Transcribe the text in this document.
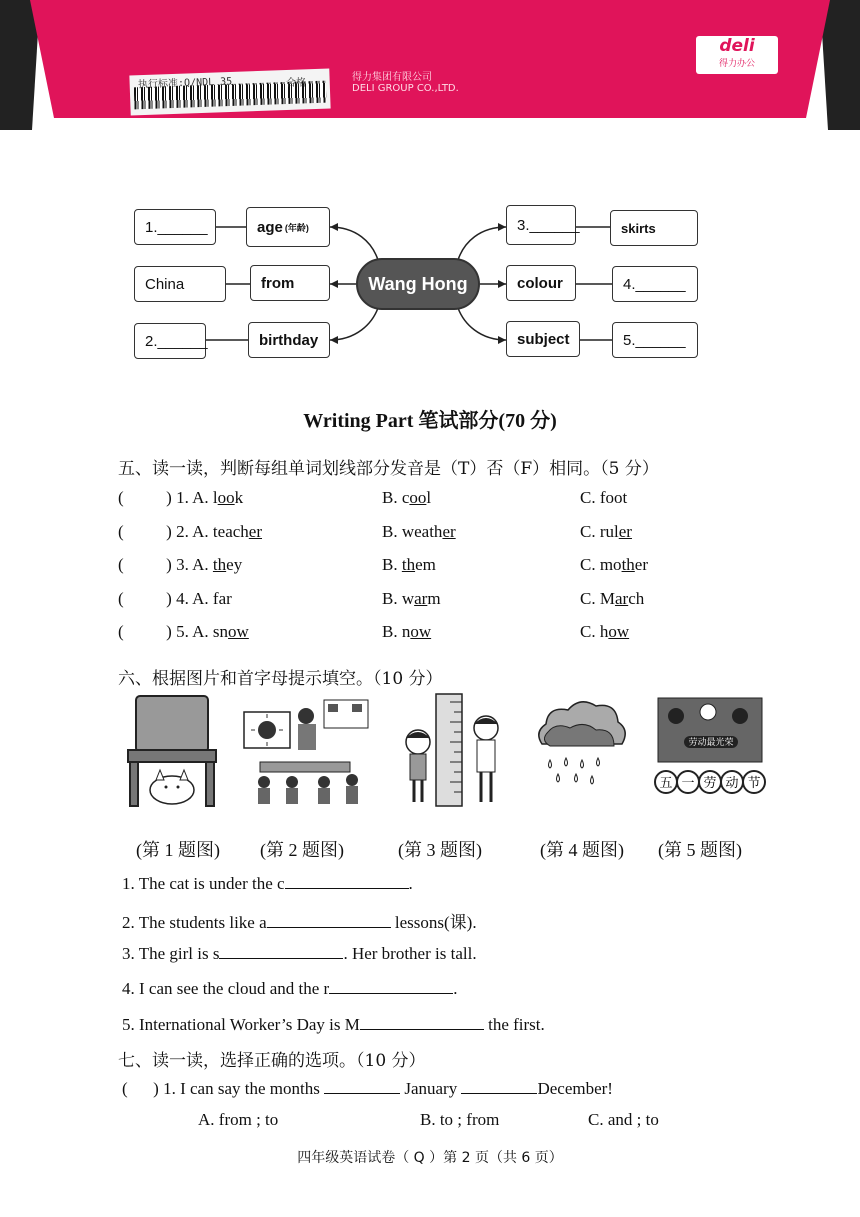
执行标准:Q/NDL 35	合格
得力集团有限公司
DELI GROUP CO.,LTD.
deli
得力办公
1.______	age (年龄)
China	from
2.______	birthday
Wang Hong
3.______	skirts
colour	4.______
subject	5.______
Writing Part 笔试部分(70 分)
五、读一读，判断每组单词划线部分发音是（T）否（F）相同。（5 分）
(          ) 1. A. look	B. cool	C. foot
(          ) 2. A. teacher	B. weather	C. ruler
(          ) 3. A. they	B. them	C. mother
(          ) 4. A. far	B. warm	C. March
(          ) 5. A. snow	B. now	C. how
六、根据图片和首字母提示填空。（10 分）
劳动最光荣
五 一 劳 动 节
(第 1 题图) (第 2 题图)	(第 3 题图)	(第 4 题图) (第 5 题图)
1. The cat is under the c	.
2. The students like a	lessons(课).
3. The girl is s	. Her brother is tall.
4. I can see the cloud and the r	.
5. International Worker’s Day is M	the first.
七、读一读，选择正确的选项。（10 分）
(      ) 1. I can say the months	January	December!
A. from ; to	B. to ; from	C. and ; to
四年级英语试卷（ Q ）第 2 页（共 6 页）
